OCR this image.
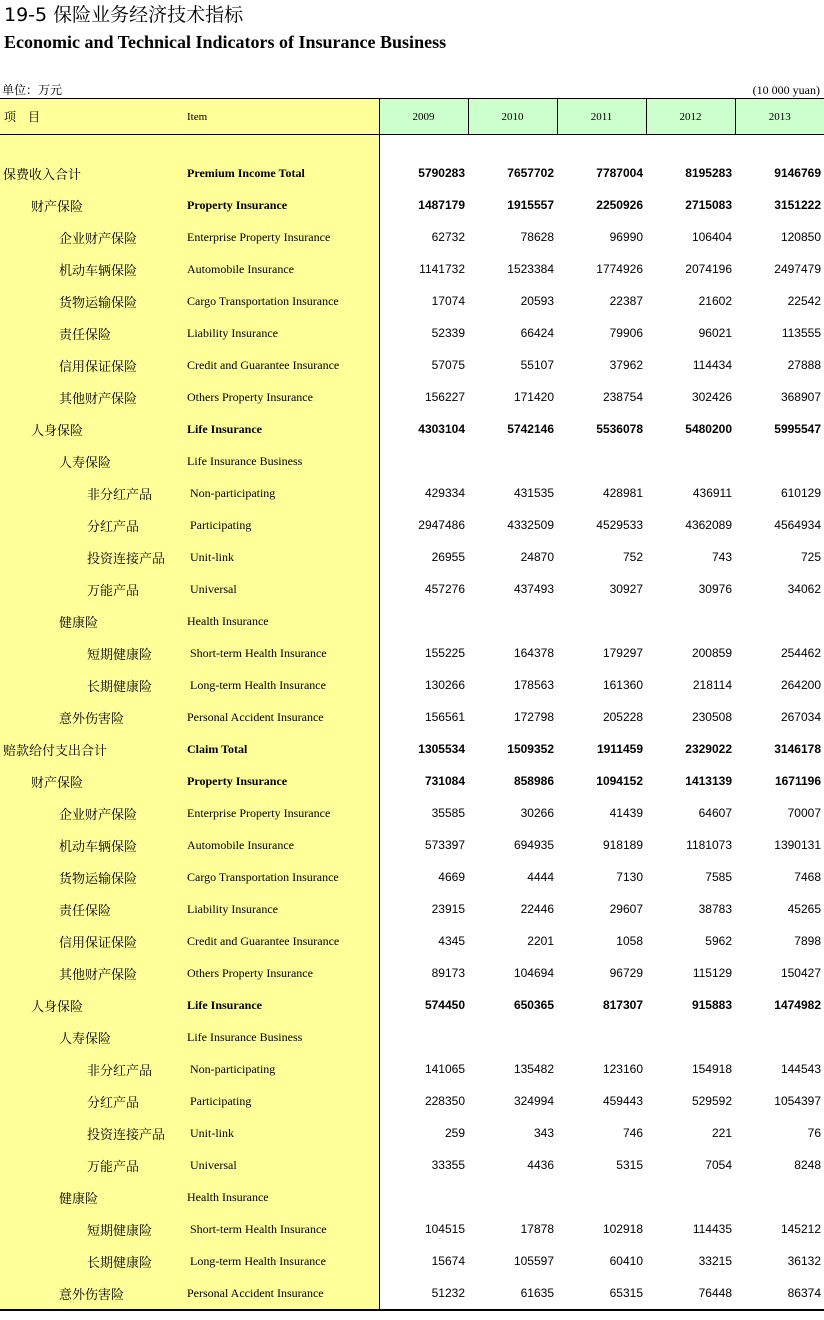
19-5 保险业务经济技术指标
Economic and Technical Indicators of Insurance Business
单位：万元	(10 000 yuan)
项　目	Item	2009	2010	2011	2012	2013

保费收入合计	Premium Income Total	5790283	7657702	7787004	8195283	9146769
财产保险	Property Insurance	1487179	1915557	2250926	2715083	3151222
企业财产保险	Enterprise Property Insurance	62732	78628	96990	106404	120850
机动车辆保险	Automobile Insurance	1141732	1523384	1774926	2074196	2497479
货物运输保险	Cargo Transportation Insurance	17074	20593	22387	21602	22542
责任保险	Liability Insurance	52339	66424	79906	96021	113555
信用保证保险	Credit and Guarantee Insurance	57075	55107	37962	114434	27888
其他财产保险	Others Property Insurance	156227	171420	238754	302426	368907
人身保险	Life Insurance	4303104	5742146	5536078	5480200	5995547
人寿保险	Life Insurance Business					
非分红产品	Non-participating	429334	431535	428981	436911	610129
分红产品	Participating	2947486	4332509	4529533	4362089	4564934
投资连接产品	Unit-link	26955	24870	752	743	725
万能产品	Universal	457276	437493	30927	30976	34062
健康险	Health Insurance					
短期健康险	Short-term Health Insurance	155225	164378	179297	200859	254462
长期健康险	Long-term Health Insurance	130266	178563	161360	218114	264200
意外伤害险	Personal Accident Insurance	156561	172798	205228	230508	267034
赔款给付支出合计	Claim Total	1305534	1509352	1911459	2329022	3146178
财产保险	Property Insurance	731084	858986	1094152	1413139	1671196
企业财产保险	Enterprise Property Insurance	35585	30266	41439	64607	70007
机动车辆保险	Automobile Insurance	573397	694935	918189	1181073	1390131
货物运输保险	Cargo Transportation Insurance	4669	4444	7130	7585	7468
责任保险	Liability Insurance	23915	22446	29607	38783	45265
信用保证保险	Credit and Guarantee Insurance	4345	2201	1058	5962	7898
其他财产保险	Others Property Insurance	89173	104694	96729	115129	150427
人身保险	Life Insurance	574450	650365	817307	915883	1474982
人寿保险	Life Insurance Business					
非分红产品	Non-participating	141065	135482	123160	154918	144543
分红产品	Participating	228350	324994	459443	529592	1054397
投资连接产品	Unit-link	259	343	746	221	76
万能产品	Universal	33355	4436	5315	7054	8248
健康险	Health Insurance					
短期健康险	Short-term Health Insurance	104515	17878	102918	114435	145212
长期健康险	Long-term Health Insurance	15674	105597	60410	33215	36132
意外伤害险	Personal Accident Insurance	51232	61635	65315	76448	86374
